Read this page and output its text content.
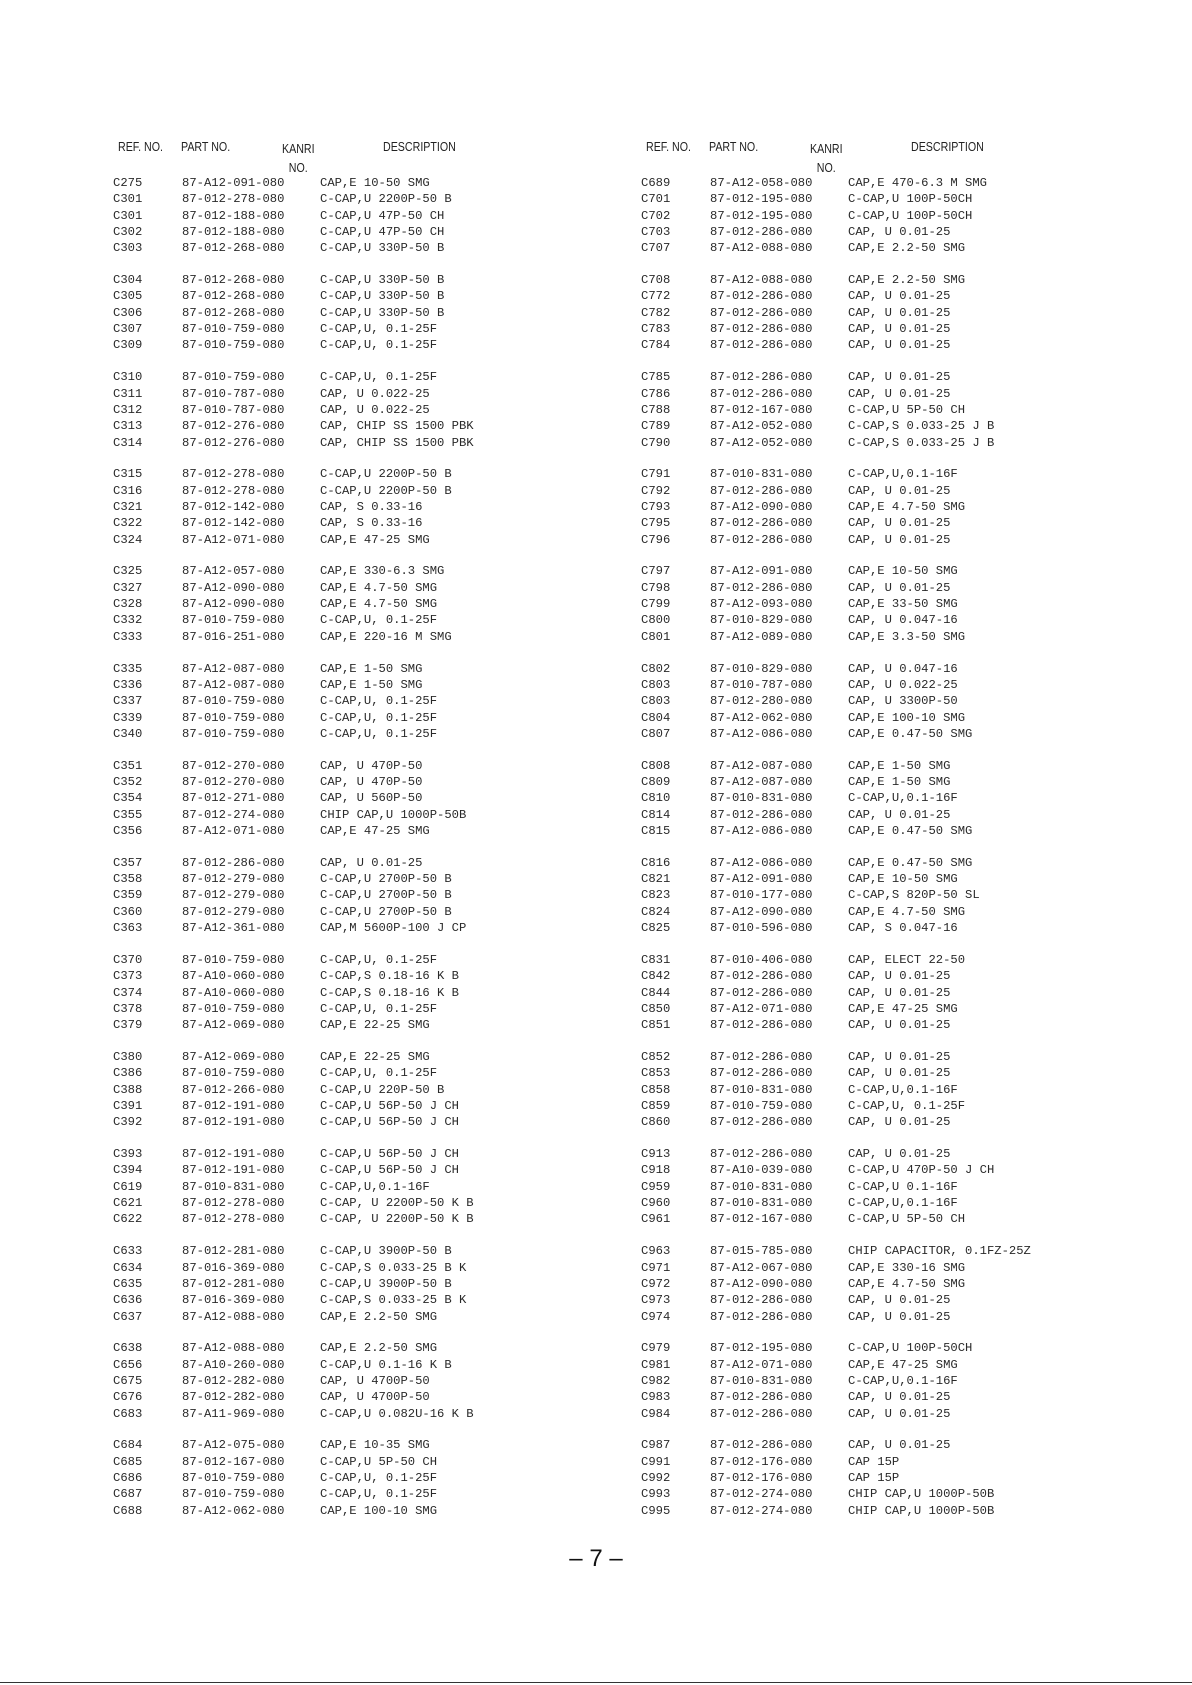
REF. NO. PART NO.	KANRI
NO.
DESCRIPTION
C275	87-A12-091-080	CAP,E 10-50 SMG
C301	87-012-278-080	C-CAP,U 2200P-50 B
C301	87-012-188-080	C-CAP,U 47P-50 CH
C302	87-012-188-080	C-CAP,U 47P-50 CH
C303	87-012-268-080	C-CAP,U 330P-50 B
C304	87-012-268-080	C-CAP,U 330P-50 B
C305	87-012-268-080	C-CAP,U 330P-50 B
C306	87-012-268-080	C-CAP,U 330P-50 B
C307	87-010-759-080	C-CAP,U, 0.1-25F
C309	87-010-759-080	C-CAP,U, 0.1-25F
C310	87-010-759-080	C-CAP,U, 0.1-25F
C311	87-010-787-080	CAP, U 0.022-25
C312	87-010-787-080	CAP, U 0.022-25
C313	87-012-276-080	CAP, CHIP SS 1500 PBK
C314	87-012-276-080	CAP, CHIP SS 1500 PBK
C315	87-012-278-080	C-CAP,U 2200P-50 B
C316	87-012-278-080	C-CAP,U 2200P-50 B
C321	87-012-142-080	CAP, S 0.33-16
C322	87-012-142-080	CAP, S 0.33-16
C324	87-A12-071-080	CAP,E 47-25 SMG
C325	87-A12-057-080	CAP,E 330-6.3 SMG
C327	87-A12-090-080	CAP,E 4.7-50 SMG
C328	87-A12-090-080	CAP,E 4.7-50 SMG
C332	87-010-759-080	C-CAP,U, 0.1-25F
C333	87-016-251-080	CAP,E 220-16 M SMG
C335	87-A12-087-080	CAP,E 1-50 SMG
C336	87-A12-087-080	CAP,E 1-50 SMG
C337	87-010-759-080	C-CAP,U, 0.1-25F
C339	87-010-759-080	C-CAP,U, 0.1-25F
C340	87-010-759-080	C-CAP,U, 0.1-25F
C351	87-012-270-080	CAP, U 470P-50
C352	87-012-270-080	CAP, U 470P-50
C354	87-012-271-080	CAP, U 560P-50
C355	87-012-274-080	CHIP CAP,U 1000P-50B
C356	87-A12-071-080	CAP,E 47-25 SMG
C357	87-012-286-080	CAP, U 0.01-25
C358	87-012-279-080	C-CAP,U 2700P-50 B
C359	87-012-279-080	C-CAP,U 2700P-50 B
C360	87-012-279-080	C-CAP,U 2700P-50 B
C363	87-A12-361-080	CAP,M 5600P-100 J CP
C370	87-010-759-080	C-CAP,U, 0.1-25F
C373	87-A10-060-080	C-CAP,S 0.18-16 K B
C374	87-A10-060-080	C-CAP,S 0.18-16 K B
C378	87-010-759-080	C-CAP,U, 0.1-25F
C379	87-A12-069-080	CAP,E 22-25 SMG
C380	87-A12-069-080	CAP,E 22-25 SMG
C386	87-010-759-080	C-CAP,U, 0.1-25F
C388	87-012-266-080	C-CAP,U 220P-50 B
C391	87-012-191-080	C-CAP,U 56P-50 J CH
C392	87-012-191-080	C-CAP,U 56P-50 J CH
C393	87-012-191-080	C-CAP,U 56P-50 J CH
C394	87-012-191-080	C-CAP,U 56P-50 J CH
C619	87-010-831-080	C-CAP,U,0.1-16F
C621	87-012-278-080	C-CAP, U 2200P-50 K B
C622	87-012-278-080	C-CAP, U 2200P-50 K B
C633	87-012-281-080	C-CAP,U 3900P-50 B
C634	87-016-369-080	C-CAP,S 0.033-25 B K
C635	87-012-281-080	C-CAP,U 3900P-50 B
C636	87-016-369-080	C-CAP,S 0.033-25 B K
C637	87-A12-088-080	CAP,E 2.2-50 SMG
C638	87-A12-088-080	CAP,E 2.2-50 SMG
C656	87-A10-260-080	C-CAP,U 0.1-16 K B
C675	87-012-282-080	CAP, U 4700P-50
C676	87-012-282-080	CAP, U 4700P-50
C683	87-A11-969-080	C-CAP,U 0.082U-16 K B
C684	87-A12-075-080	CAP,E 10-35 SMG
C685	87-012-167-080	C-CAP,U 5P-50 CH
C686	87-010-759-080	C-CAP,U, 0.1-25F
C687	87-010-759-080	C-CAP,U, 0.1-25F
C688	87-A12-062-080	CAP,E 100-10 SMG
REF. NO. PART NO.	KANRI
NO.
DESCRIPTION
C689	87-A12-058-080	CAP,E 470-6.3 M SMG
C701	87-012-195-080	C-CAP,U 100P-50CH
C702	87-012-195-080	C-CAP,U 100P-50CH
C703	87-012-286-080	CAP, U 0.01-25
C707	87-A12-088-080	CAP,E 2.2-50 SMG
C708	87-A12-088-080	CAP,E 2.2-50 SMG
C772	87-012-286-080	CAP, U 0.01-25
C782	87-012-286-080	CAP, U 0.01-25
C783	87-012-286-080	CAP, U 0.01-25
C784	87-012-286-080	CAP, U 0.01-25
C785	87-012-286-080	CAP, U 0.01-25
C786	87-012-286-080	CAP, U 0.01-25
C788	87-012-167-080	C-CAP,U 5P-50 CH
C789	87-A12-052-080	C-CAP,S 0.033-25 J B
C790	87-A12-052-080	C-CAP,S 0.033-25 J B
C791	87-010-831-080	C-CAP,U,0.1-16F
C792	87-012-286-080	CAP, U 0.01-25
C793	87-A12-090-080	CAP,E 4.7-50 SMG
C795	87-012-286-080	CAP, U 0.01-25
C796	87-012-286-080	CAP, U 0.01-25
C797	87-A12-091-080	CAP,E 10-50 SMG
C798	87-012-286-080	CAP, U 0.01-25
C799	87-A12-093-080	CAP,E 33-50 SMG
C800	87-010-829-080	CAP, U 0.047-16
C801	87-A12-089-080	CAP,E 3.3-50 SMG
C802	87-010-829-080	CAP, U 0.047-16
C803	87-010-787-080	CAP, U 0.022-25
C803	87-012-280-080	CAP, U 3300P-50
C804	87-A12-062-080	CAP,E 100-10 SMG
C807	87-A12-086-080	CAP,E 0.47-50 SMG
C808	87-A12-087-080	CAP,E 1-50 SMG
C809	87-A12-087-080	CAP,E 1-50 SMG
C810	87-010-831-080	C-CAP,U,0.1-16F
C814	87-012-286-080	CAP, U 0.01-25
C815	87-A12-086-080	CAP,E 0.47-50 SMG
C816	87-A12-086-080	CAP,E 0.47-50 SMG
C821	87-A12-091-080	CAP,E 10-50 SMG
C823	87-010-177-080	C-CAP,S 820P-50 SL
C824	87-A12-090-080	CAP,E 4.7-50 SMG
C825	87-010-596-080	CAP, S 0.047-16
C831	87-010-406-080	CAP, ELECT 22-50
C842	87-012-286-080	CAP, U 0.01-25
C844	87-012-286-080	CAP, U 0.01-25
C850	87-A12-071-080	CAP,E 47-25 SMG
C851	87-012-286-080	CAP, U 0.01-25
C852	87-012-286-080	CAP, U 0.01-25
C853	87-012-286-080	CAP, U 0.01-25
C858	87-010-831-080	C-CAP,U,0.1-16F
C859	87-010-759-080	C-CAP,U, 0.1-25F
C860	87-012-286-080	CAP, U 0.01-25
C913	87-012-286-080	CAP, U 0.01-25
C918	87-A10-039-080	C-CAP,U 470P-50 J CH
C959	87-010-831-080	C-CAP,U 0.1-16F
C960	87-010-831-080	C-CAP,U,0.1-16F
C961	87-012-167-080	C-CAP,U 5P-50 CH
C963	87-015-785-080	CHIP CAPACITOR, 0.1FZ-25Z
C971	87-A12-067-080	CAP,E 330-16 SMG
C972	87-A12-090-080	CAP,E 4.7-50 SMG
C973	87-012-286-080	CAP, U 0.01-25
C974	87-012-286-080	CAP, U 0.01-25
C979	87-012-195-080	C-CAP,U 100P-50CH
C981	87-A12-071-080	CAP,E 47-25 SMG
C982	87-010-831-080	C-CAP,U,0.1-16F
C983	87-012-286-080	CAP, U 0.01-25
C984	87-012-286-080	CAP, U 0.01-25
C987	87-012-286-080	CAP, U 0.01-25
C991	87-012-176-080	CAP 15P
C992	87-012-176-080	CAP 15P
C993	87-012-274-080	CHIP CAP,U 1000P-50B
C995	87-012-274-080	CHIP CAP,U 1000P-50B
– 7 –
